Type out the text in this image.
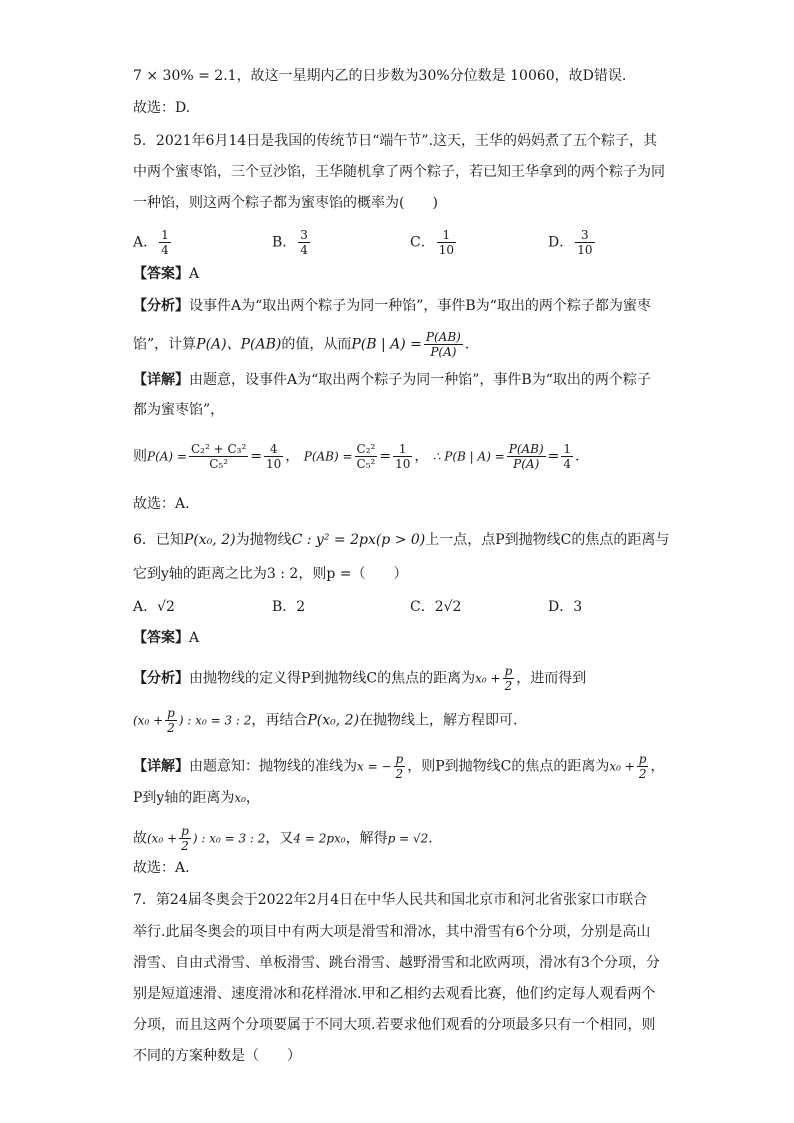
7 × 30% = 2.1，故这一星期内乙的日步数为30%分位数是 10060，故D错误.
故选：D.
5．2021年6月14日是我国的传统节日“端午节”.这天，王华的妈妈煮了五个粽子，其
中两个蜜枣馅，三个豆沙馅，王华随机拿了两个粽子，若已知王华拿到的两个粽子为同
一种馅，则这两个粽子都为蜜枣馅的概率为(　　)
A． $\frac{1}{4}$	B． $\frac{3}{4}$	C． $\frac{1}{10}$	D． $\frac{3}{10}$
【答案】A
【分析】设事件A为“取出两个粽子为同一种馅”，事件B为“取出的两个粽子都为蜜枣
馅”，计算P(A)、P(AB)的值，从而P(B | $A) = \frac{P(AB)}{P(A)}$ .
【详解】由题意，设事件A为“取出两个粽子为同一种馅”，事件B为“取出的两个粽子
都为蜜枣馅”，
则$P(A) = \frac{\text{C₂² + C₃²}}{\text{C₅²}} = \frac{4}{10}$ ， $P(AB) = \frac{\text{C₂²}}{\text{C₅²}} = \frac{1}{10}$ ， ∴ P(B | $A) = \frac{P(AB)}{P(A)} = \frac{1}{4}$ .
故选：A.
6．已知P(x₀, 2)为抛物线C : y² = 2px(p > 0)上一点，点P到抛物线C的焦点的距离与
它到y轴的距离之比为3 : 2，则p =（　　）
A．√2	B．2	C．2√2	D．3
【答案】A
【分析】由抛物线的定义得P到抛物线C的焦点的距离为$x_0 + \frac{p}{2}$ ，进而得到
($x_0 + \frac{p}{2}$ ) : x₀ = 3 : 2，再结合P(x₀, 2)在抛物线上，解方程即可.
【详解】由题意知：抛物线的准线为x = − $\frac{p}{2}$ ，则P到抛物线C的焦点的距离为$x_0 + \frac{p}{2}$ ，
P到y轴的距离为x₀，
故($x_0 + \frac{p}{2}$ ) : x₀ = 3 : 2，又4 = 2px₀，解得p = √2.
故选：A.
7．第24届冬奥会于2022年2月4日在中华人民共和国北京市和河北省张家口市联合
举行.此届冬奥会的项目中有两大项是滑雪和滑冰，其中滑雪有6个分项，分别是高山
滑雪、自由式滑雪、单板滑雪、跳台滑雪、越野滑雪和北欧两项，滑冰有3个分项，分
别是短道速滑、速度滑冰和花样滑冰.甲和乙相约去观看比赛，他们约定每人观看两个
分项，而且这两个分项要属于不同大项.若要求他们观看的分项最多只有一个相同，则
不同的方案种数是（　　）
